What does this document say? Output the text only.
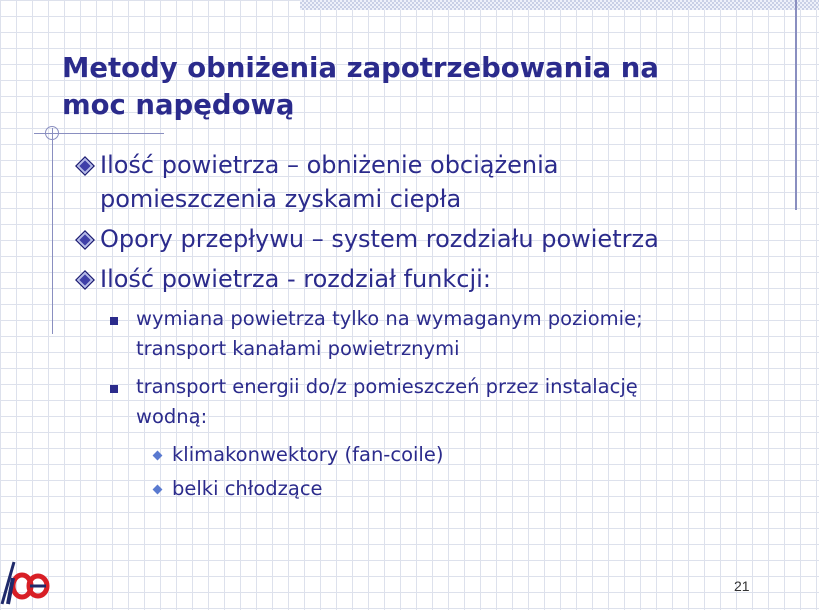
Metody obniżenia zapotrzebowania na
moc napędową
Ilość powietrza – obniżenie obciążenia
pomieszczenia zyskami ciepła
Opory przepływu – system rozdziału powietrza
Ilość powietrza - rozdział funkcji:
wymiana powietrza tylko na wymaganym poziomie;
transport kanałami powietrznymi
transport energii do/z pomieszczeń przez instalację
wodną:
klimakonwektory (fan-coile)
belki chłodzące
21
